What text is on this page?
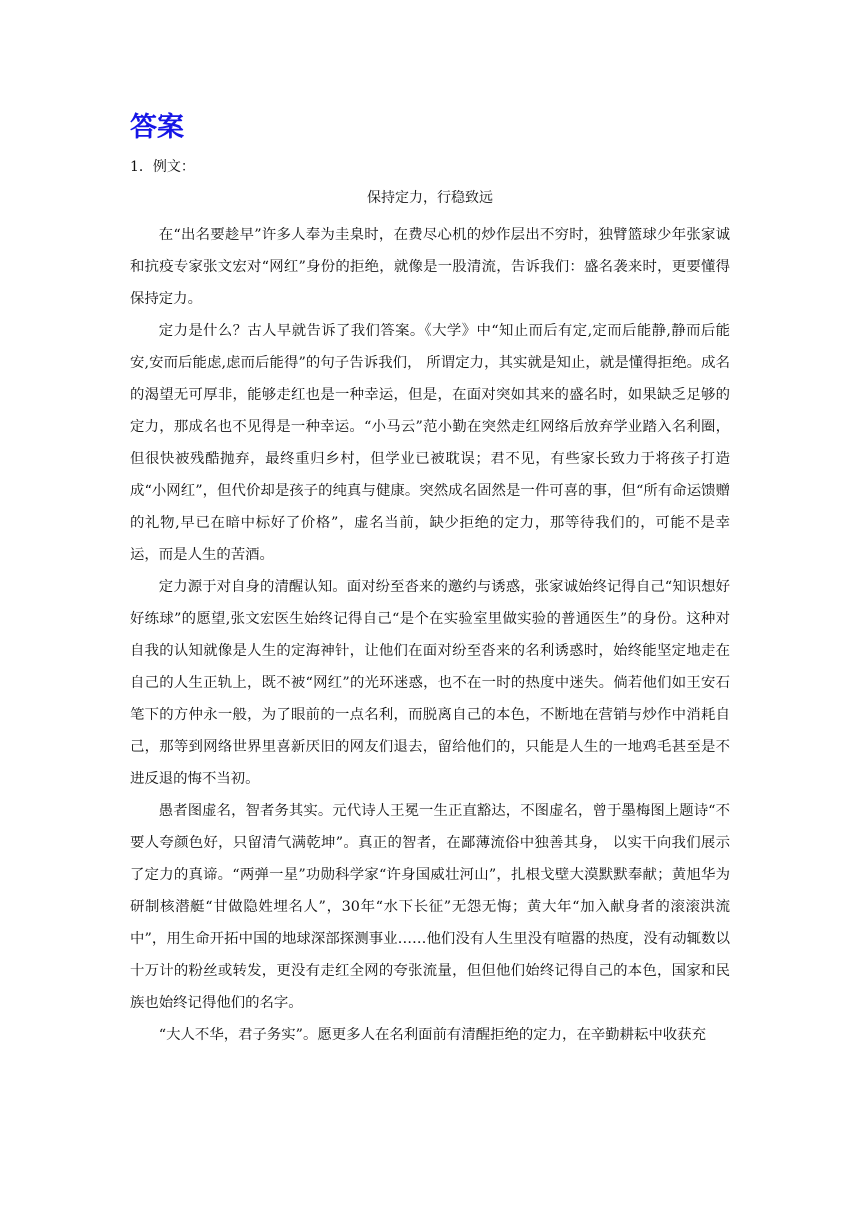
答案
1．例文：
保持定力，行稳致远

在“出名要趁早”许多人奉为圭臬时，在费尽心机的炒作层出不穷时，独臂篮球少年张家诚和抗疫专家张文宏对“网红”身份的拒绝，就像是一股清流，告诉我们：盛名袭来时，更要懂得保持定力。

定力是什么？古人早就告诉了我们答案。《大学》中“知止而后有定,定而后能静,静而后能安,安而后能虑,虑而后能得”的句子告诉我们， 所谓定力，其实就是知止，就是懂得拒绝。成名的渴望无可厚非，能够走红也是一种幸运，但是，在面对突如其来的盛名时，如果缺乏足够的定力，那成名也不见得是一种幸运。“小马云”范小勤在突然走红网络后放弃学业踏入名利圈，但很快被残酷抛弃，最终重归乡村，但学业已被耽误；君不见，有些家长致力于将孩子打造成“小网红”，但代价却是孩子的纯真与健康。突然成名固然是一件可喜的事，但“所有命运馈赠的礼物,早已在暗中标好了价格”，虚名当前，缺少拒绝的定力，那等待我们的，可能不是幸运，而是人生的苦酒。

定力源于对自身的清醒认知。面对纷至沓来的邀约与诱惑，张家诚始终记得自己“知识想好好练球”的愿望,张文宏医生始终记得自己“是个在实验室里做实验的普通医生”的身份。这种对自我的认知就像是人生的定海神针，让他们在面对纷至沓来的名利诱惑时，始终能坚定地走在自己的人生正轨上，既不被“网红”的光环迷惑，也不在一时的热度中迷失。倘若他们如王安石笔下的方仲永一般，为了眼前的一点名利，而脱离自己的本色，不断地在营销与炒作中消耗自己，那等到网络世界里喜新厌旧的网友们退去，留给他们的，只能是人生的一地鸡毛甚至是不进反退的悔不当初。

愚者图虚名，智者务其实。元代诗人王冕一生正直豁达，不图虚名，曾于墨梅图上题诗“不要人夸颜色好，只留清气满乾坤”。真正的智者，在鄙薄流俗中独善其身， 以实干向我们展示了定力的真谛。“两弹一星”功勋科学家“许身国威壮河山”，扎根戈壁大漠默默奉献；黄旭华为研制核潜艇“甘做隐姓埋名人”，30年“水下长征”无怨无悔；黄大年“加入献身者的滚滚洪流中”，用生命开拓中国的地球深部探测事业……他们没有人生里没有喧嚣的热度，没有动辄数以十万计的粉丝或转发，更没有走红全网的夸张流量，但但他们始终记得自己的本色，国家和民族也始终记得他们的名字。

“大人不华，君子务实”。愿更多人在名利面前有清醒拒绝的定力，在辛勤耕耘中收获充
